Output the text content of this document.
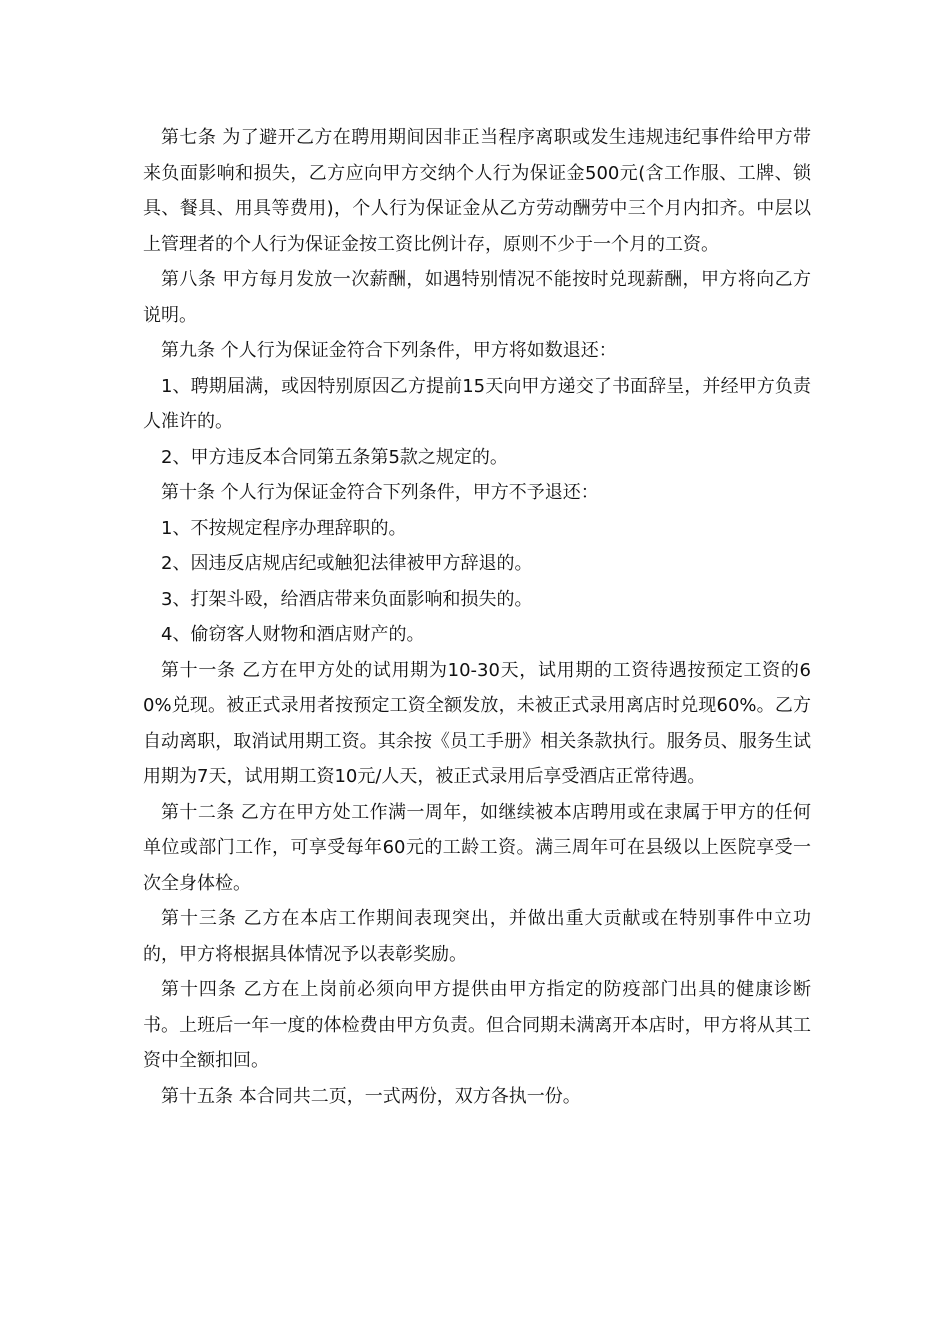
第七条 为了避开乙方在聘用期间因非正当程序离职或发生违规违纪事件给甲方带来负面影响和损失，乙方应向甲方交纳个人行为保证金500元(含工作服、工牌、锁具、餐具、用具等费用)，个人行为保证金从乙方劳动酬劳中三个月内扣齐。中层以上管理者的个人行为保证金按工资比例计存，原则不少于一个月的工资。

第八条 甲方每月发放一次薪酬，如遇特别情况不能按时兑现薪酬，甲方将向乙方说明。

第九条 个人行为保证金符合下列条件，甲方将如数退还：

1、聘期届满，或因特别原因乙方提前15天向甲方递交了书面辞呈，并经甲方负责人准许的。

2、甲方违反本合同第五条第5款之规定的。

第十条 个人行为保证金符合下列条件，甲方不予退还：

1、不按规定程序办理辞职的。

2、因违反店规店纪或触犯法律被甲方辞退的。

3、打架斗殴，给酒店带来负面影响和损失的。

4、偷窃客人财物和酒店财产的。

第十一条 乙方在甲方处的试用期为10-30天，试用期的工资待遇按预定工资的60%兑现。被正式录用者按预定工资全额发放，未被正式录用离店时兑现60%。乙方自动离职，取消试用期工资。其余按《员工手册》相关条款执行。服务员、服务生试用期为7天，试用期工资10元/人天，被正式录用后享受酒店正常待遇。

第十二条 乙方在甲方处工作满一周年，如继续被本店聘用或在隶属于甲方的任何单位或部门工作，可享受每年60元的工龄工资。满三周年可在县级以上医院享受一次全身体检。

第十三条 乙方在本店工作期间表现突出，并做出重大贡献或在特别事件中立功的，甲方将根据具体情况予以表彰奖励。

第十四条 乙方在上岗前必须向甲方提供由甲方指定的防疫部门出具的健康诊断书。上班后一年一度的体检费由甲方负责。但合同期未满离开本店时，甲方将从其工资中全额扣回。

第十五条 本合同共二页，一式两份，双方各执一份。
